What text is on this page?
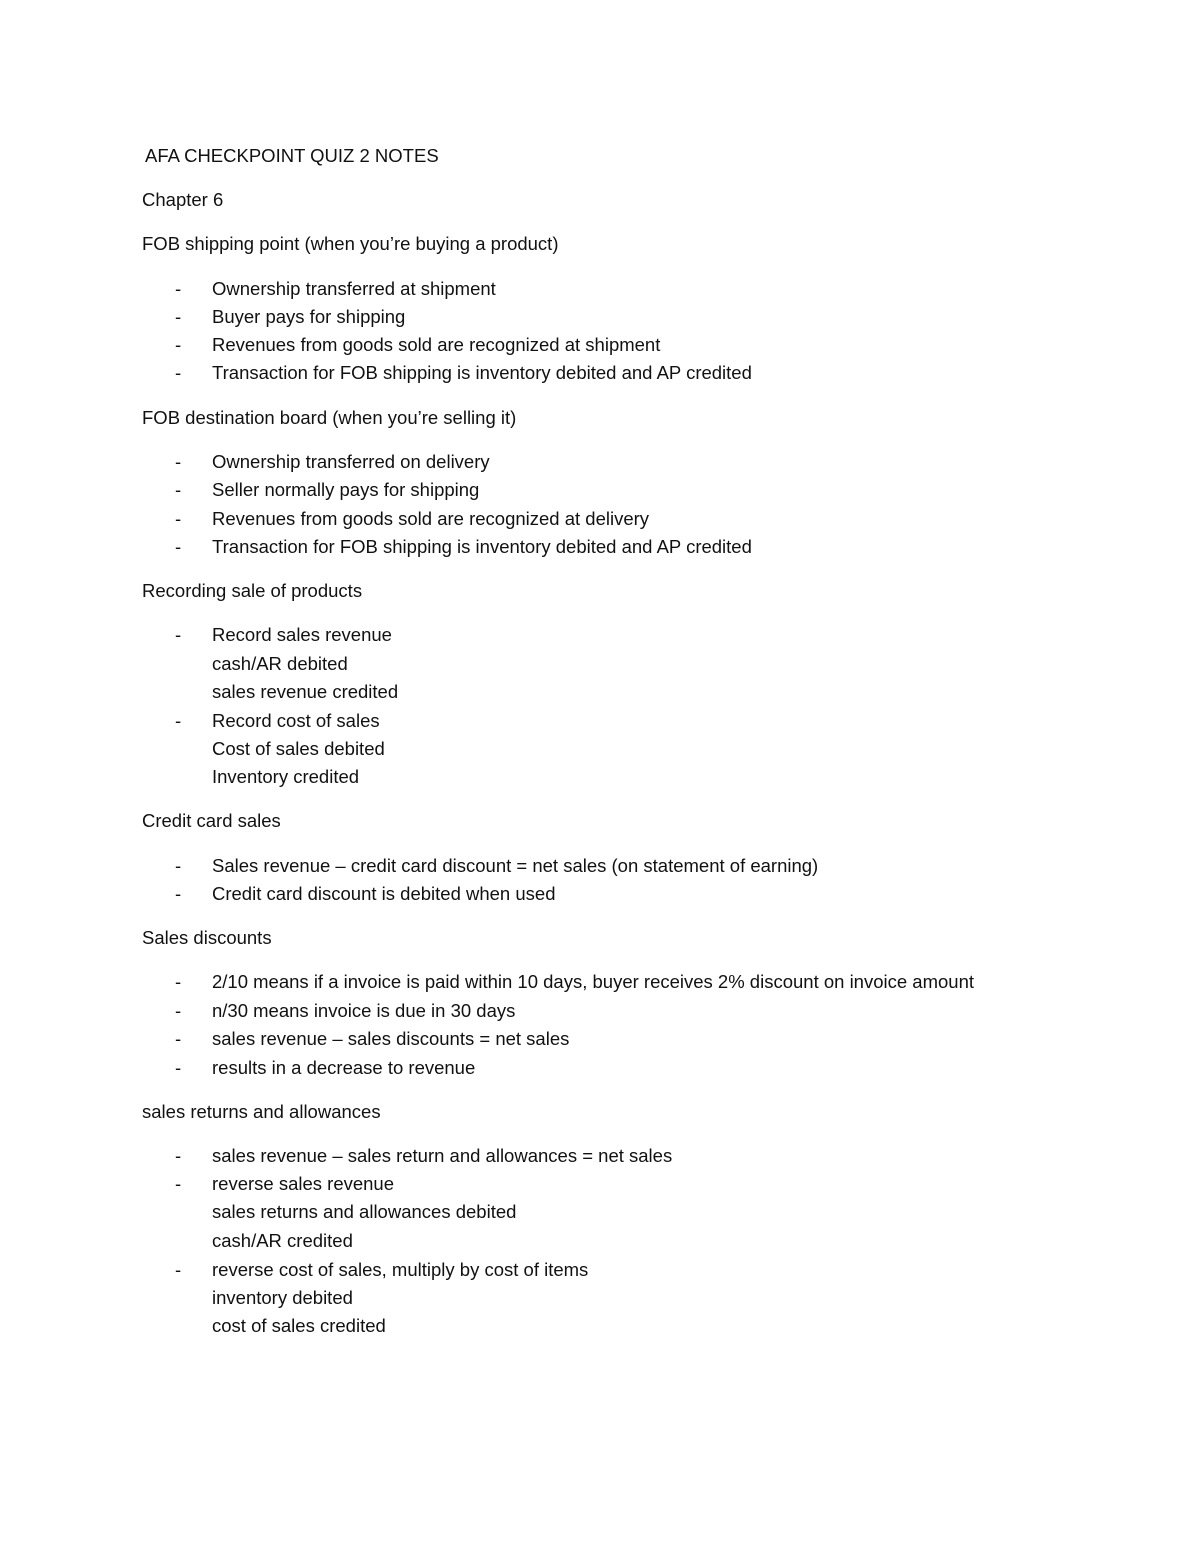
AFA CHECKPOINT QUIZ 2 NOTES
Chapter 6
FOB shipping point (when you’re buying a product)
- Ownership transferred at shipment
- Buyer pays for shipping
- Revenues from goods sold are recognized at shipment
- Transaction for FOB shipping is inventory debited and AP credited
FOB destination board (when you’re selling it)
- Ownership transferred on delivery
- Seller normally pays for shipping
- Revenues from goods sold are recognized at delivery
- Transaction for FOB shipping is inventory debited and AP credited
Recording sale of products
- Record sales revenue
cash/AR debited
sales revenue credited
- Record cost of sales
Cost of sales debited
Inventory credited
Credit card sales
- Sales revenue – credit card discount = net sales (on statement of earning)
- Credit card discount is debited when used
Sales discounts
- 2/10 means if a invoice is paid within 10 days, buyer receives 2% discount on invoice amount
- n/30 means invoice is due in 30 days
- sales revenue – sales discounts = net sales
- results in a decrease to revenue
sales returns and allowances
- sales revenue – sales return and allowances = net sales
- reverse sales revenue
sales returns and allowances debited
cash/AR credited
- reverse cost of sales, multiply by cost of items
inventory debited
cost of sales credited
